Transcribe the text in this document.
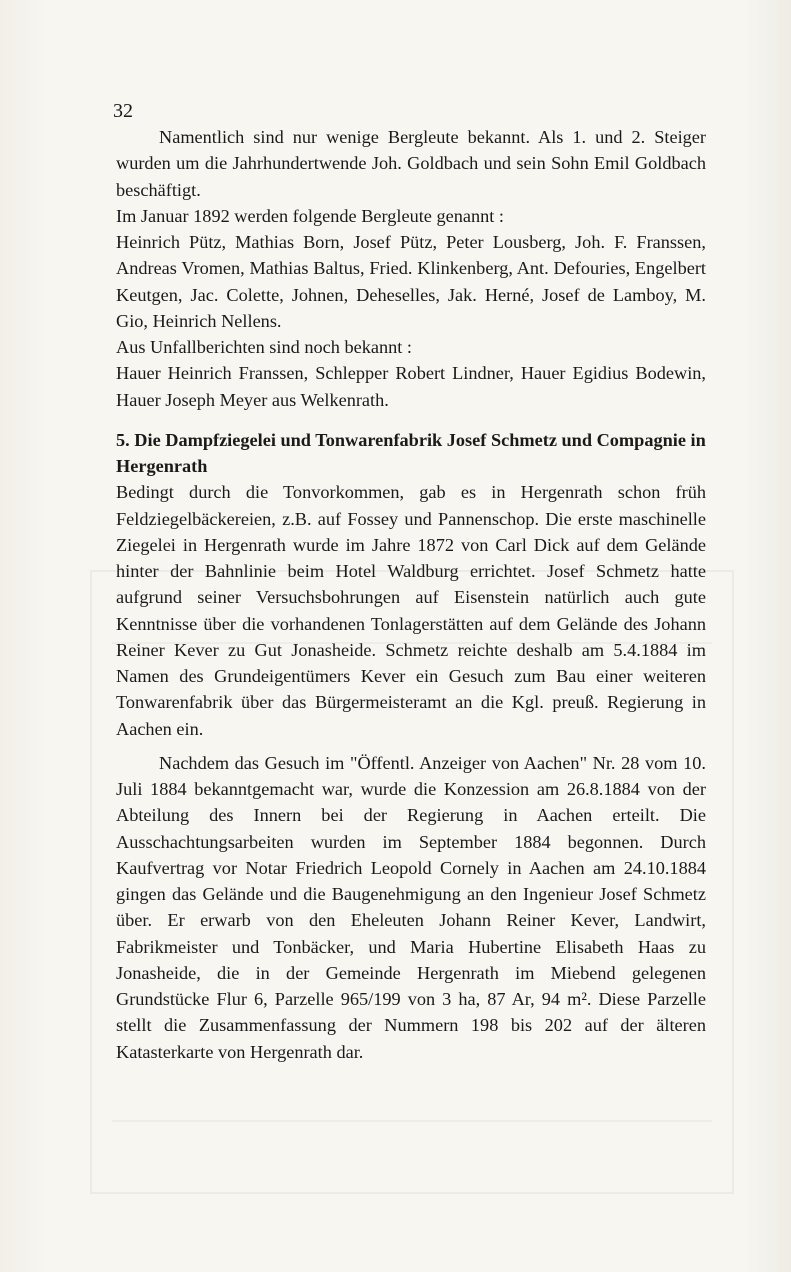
32

Namentlich sind nur wenige Bergleute bekannt. Als 1. und 2. Steiger wurden um die Jahrhundertwende Joh. Goldbach und sein Sohn Emil Goldbach beschäftigt.

Im Januar 1892 werden folgende Bergleute genannt :

Heinrich Pütz, Mathias Born, Josef Pütz, Peter Lousberg, Joh. F. Franssen, Andreas Vromen, Mathias Baltus, Fried. Klinkenberg, Ant. Defouries, Engelbert Keutgen, Jac. Colette, Johnen, Deheselles, Jak. Herné, Josef de Lamboy, M. Gio, Heinrich Nellens.

Aus Unfallberichten sind noch bekannt :

Hauer Heinrich Franssen, Schlepper Robert Lindner, Hauer Egidius Bodewin, Hauer Joseph Meyer aus Welkenrath.

5. Die Dampfziegelei und Tonwarenfabrik Josef Schmetz und Compagnie in Hergenrath

Bedingt durch die Tonvorkommen, gab es in Hergenrath schon früh Feldziegelbäckereien, z.B. auf Fossey und Pannenschop. Die erste maschinelle Ziegelei in Hergenrath wurde im Jahre 1872 von Carl Dick auf dem Gelände hinter der Bahnlinie beim Hotel Waldburg errichtet. Josef Schmetz hatte aufgrund seiner Versuchsbohrungen auf Eisenstein natürlich auch gute Kenntnisse über die vorhandenen Tonlagerstätten auf dem Gelände des Johann Reiner Kever zu Gut Jonasheide. Schmetz reichte deshalb am 5.4.1884 im Namen des Grundeigentümers Kever ein Gesuch zum Bau einer weiteren Tonwarenfabrik über das Bürgermeisteramt an die Kgl. preuß. Regierung in Aachen ein.

Nachdem das Gesuch im "Öffentl. Anzeiger von Aachen" Nr. 28 vom 10. Juli 1884 bekanntgemacht war, wurde die Konzession am 26.8.1884 von der Abteilung des Innern bei der Regierung in Aachen erteilt. Die Ausschachtungsarbeiten wurden im September 1884 begonnen. Durch Kaufvertrag vor Notar Friedrich Leopold Cornely in Aachen am 24.10.1884 gingen das Gelände und die Baugenehmigung an den Ingenieur Josef Schmetz über. Er erwarb von den Eheleuten Johann Reiner Kever, Landwirt, Fabrikmeister und Tonbäcker, und Maria Hubertine Elisabeth Haas zu Jonasheide, die in der Gemeinde Hergenrath im Miebend gelegenen Grundstücke Flur 6, Parzelle 965/199 von 3 ha, 87 Ar, 94 m². Diese Parzelle stellt die Zusammenfassung der Nummern 198 bis 202 auf der älteren Katasterkarte von Hergenrath dar.
